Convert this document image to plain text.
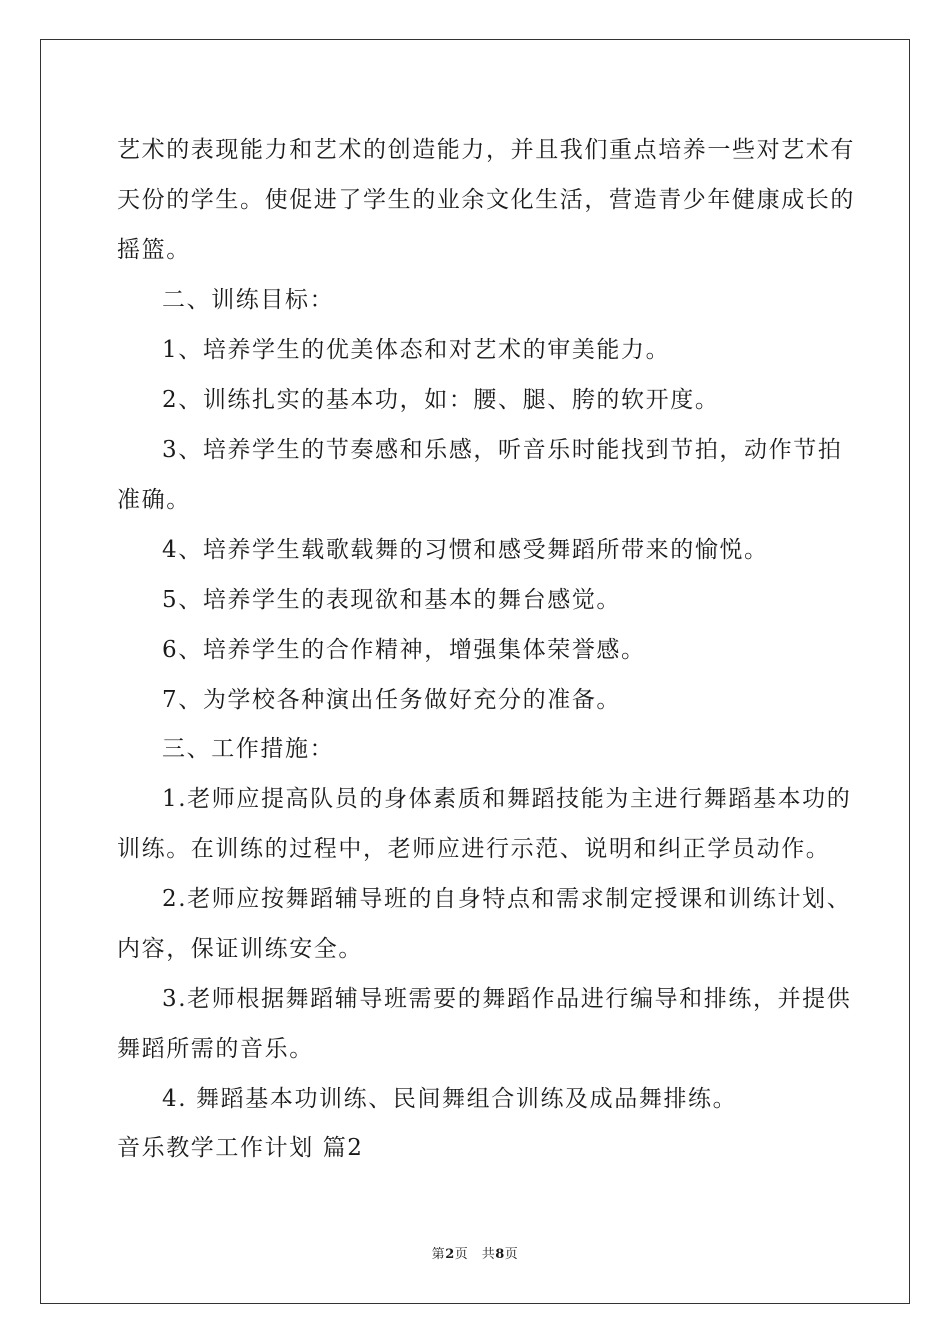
艺术的表现能力和艺术的创造能力，并且我们重点培养一些对艺术有
天份的学生。使促进了学生的业余文化生活，营造青少年健康成长的
摇篮。
二、训练目标：
1、培养学生的优美体态和对艺术的审美能力。
2、训练扎实的基本功，如：腰、腿、胯的软开度。
3、培养学生的节奏感和乐感，听音乐时能找到节拍，动作节拍
准确。
4、培养学生载歌载舞的习惯和感受舞蹈所带来的愉悦。
5、培养学生的表现欲和基本的舞台感觉。
6、培养学生的合作精神，增强集体荣誉感。
7、为学校各种演出任务做好充分的准备。
三、工作措施：
1.老师应提高队员的身体素质和舞蹈技能为主进行舞蹈基本功的
训练。在训练的过程中，老师应进行示范、说明和纠正学员动作。
2.老师应按舞蹈辅导班的自身特点和需求制定授课和训练计划、
内容，保证训练安全。
3.老师根据舞蹈辅导班需要的舞蹈作品进行编导和排练，并提供
舞蹈所需的音乐。
4. 舞蹈基本功训练、民间舞组合训练及成品舞排练。
音乐教学工作计划 篇2
第2页　共8页
